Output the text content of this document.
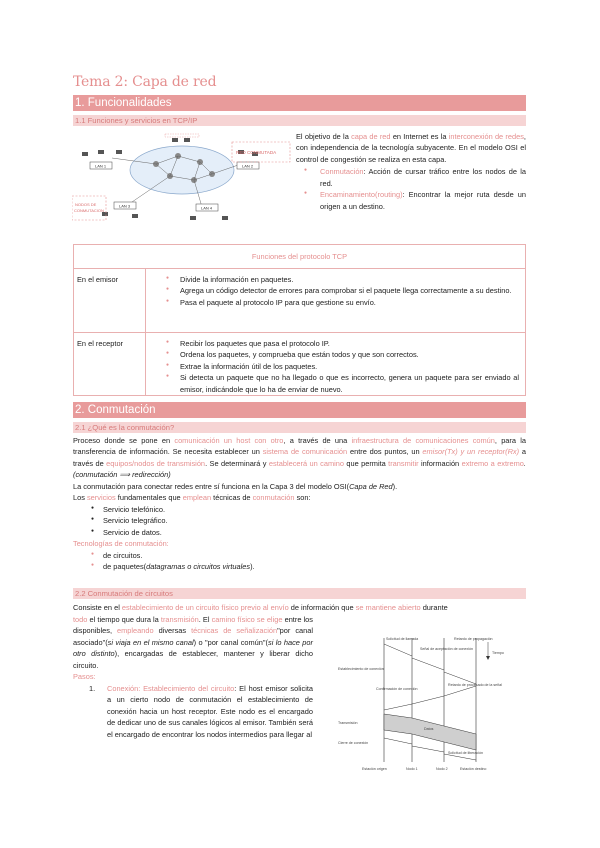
Tema 2: Capa de red
1. Funcionalidades
1.1 Funciones y servicios en TCP/IP
LAN 1	LAN 2
LAN 3	LAN 4
RED CONMUTADA
NODOS DE
CONMUTACION

El objetivo de la capa de red en Internet es la interconexión de redes, con independencia de la tecnología subyacente. En el modelo OSI el control de congestión se realiza en esta capa.

● Conmutación: Acción de cursar tráfico entre los nodos de la red.

● Encaminamiento(routing): Encontrar la mejor ruta desde un origen a un destino.

Funciones del protocolo TCP
En el emisor	● Divide la información en paquetes.

● Agrega un código detector de errores para comprobar si el paquete llega correctamente a su destino.

● Pasa el paquete al protocolo IP para que gestione su envío.

En el receptor	● Recibir los paquetes que pasa el protocolo IP.

● Ordena los paquetes, y comprueba que están todos y que son correctos.

● Extrae la información útil de los paquetes.

● Si detecta un paquete que no ha llegado o que es incorrecto, genera un paquete para ser enviado al emisor, indicándole que lo ha de enviar de nuevo.

2. Conmutación
2.1 ¿Qué es la conmutación?

Proceso donde se pone en comunicación un host con otro, a través de una infraestructura de comunicaciones común, para la transferencia de información. Se necesita establecer un sistema de comunicación entre dos puntos, un emisor(Tx) y un receptor(Rx) a través de equipos/nodos de transmisión. Se determinará y establecerá un camino que permita transmitir información extremo a extremo. (conmutación ⟹ redirección)

La conmutación para conectar redes entre sí funciona en la Capa 3 del modelo OSI(Capa de Red).

Los servicios fundamentales que emplean técnicas de conmutación son:

● Servicio telefónico.

● Servicio telegráfico.

● Servicio de datos.

Tecnologías de conmutación:

● de circuitos.

● de paquetes(datagramas o circuitos virtuales).

2.2 Conmutación de circuitos

Consiste en el establecimiento de un circuito físico previo al envío de información que se mantiene abierto durante

todo el tiempo que dura la transmisión. El camino físico se elige entre los disponibles, empleando diversas técnicas de señalización"por canal asociado"(si viaja en el mismo canal) o "por canal común"(si lo hace por otro distinto), encargadas de establecer, mantener y liberar dicho circuito.

Pasos:

1. Conexión: Establecimiento del circuito: El host emisor solicita a un cierto nodo de conmutación el establecimiento de conexión hacia un host receptor. Este nodo es el encargado de dedicar uno de sus canales lógicos al emisor. También será el encargado de encontrar los nodos intermedios para llegar al

Solicitud de llamada
Señal de aceptación de conexión
Establecimiento de conexión
Retardo de procesado de la señal
Confirmación de conexión
Transmisión
Datos
Cierre de conexión
Solicitud de liberación
Retardo de propagación
Tiempo
Estación origen	Nodo 1	Nodo 2	Estación destino
